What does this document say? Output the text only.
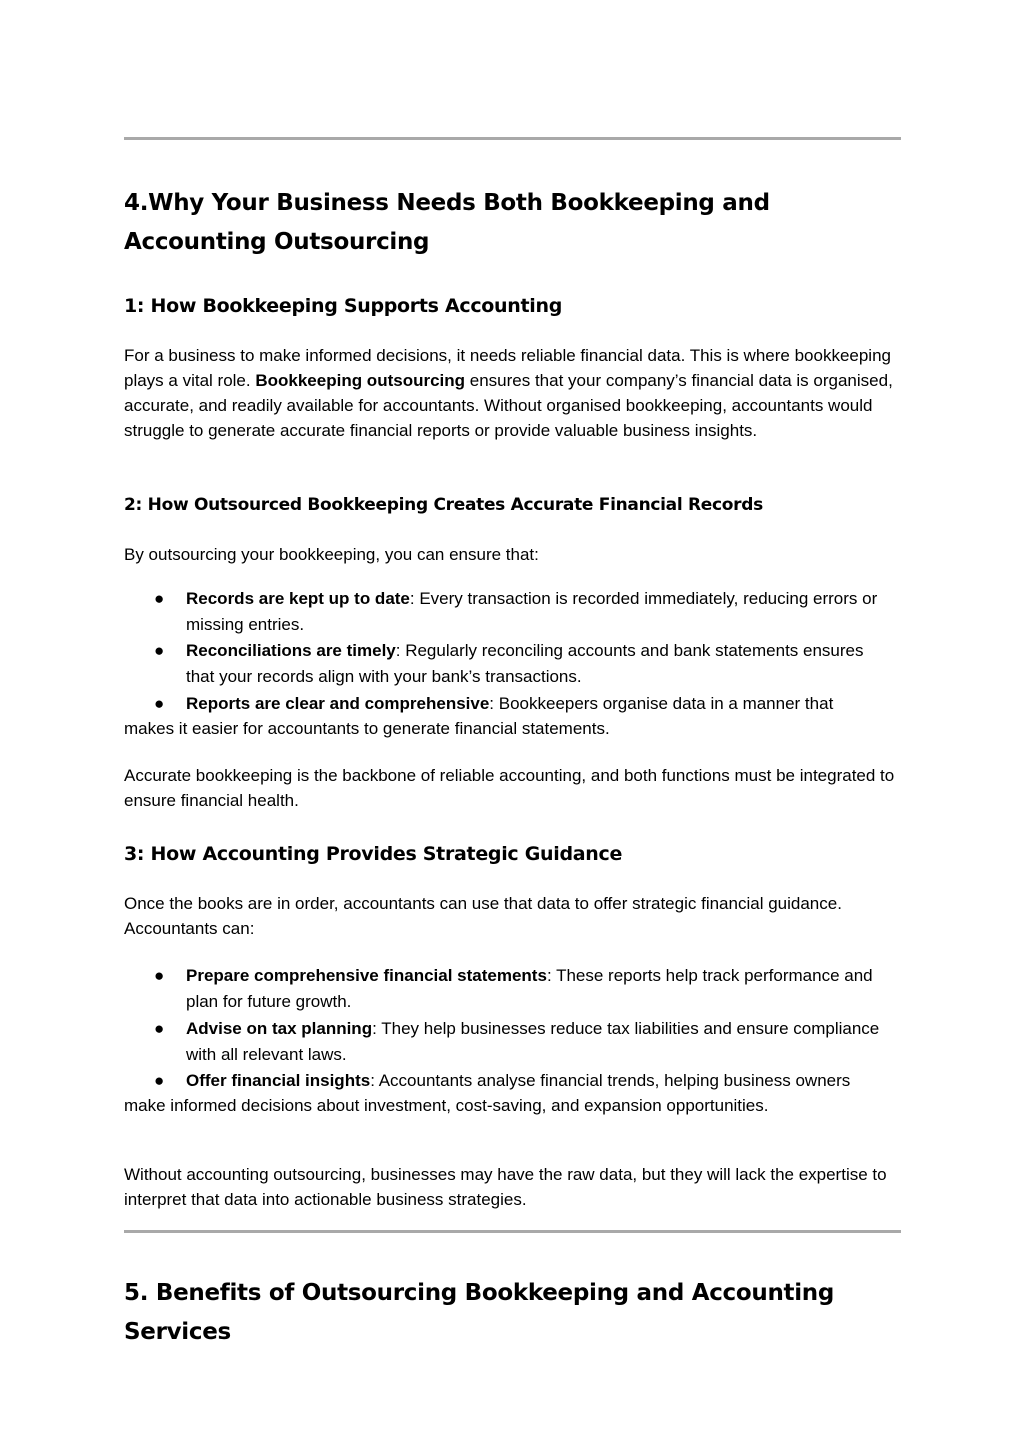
4.Why Your Business Needs Both Bookkeeping and Accounting Outsourcing
1: How Bookkeeping Supports Accounting

For a business to make informed decisions, it needs reliable financial data. This is where bookkeeping plays a vital role. Bookkeeping outsourcing ensures that your company’s financial data is organised, accurate, and readily available for accountants. Without organised bookkeeping, accountants would struggle to generate accurate financial reports or provide valuable business insights.

2: How Outsourced Bookkeeping Creates Accurate Financial Records

By outsourcing your bookkeeping, you can ensure that:

● Records are kept up to date: Every transaction is recorded immediately, reducing errors or missing entries.
● Reconciliations are timely: Regularly reconciling accounts and bank statements ensures that your records align with your bank’s transactions.
● Reports are clear and comprehensive: Bookkeepers organise data in a manner that makes it easier for accountants to generate financial statements.

Accurate bookkeeping is the backbone of reliable accounting, and both functions must be integrated to ensure financial health.

3: How Accounting Provides Strategic Guidance

Once the books are in order, accountants can use that data to offer strategic financial guidance. Accountants can:

● Prepare comprehensive financial statements: These reports help track performance and plan for future growth.
● Advise on tax planning: They help businesses reduce tax liabilities and ensure compliance with all relevant laws.
● Offer financial insights: Accountants analyse financial trends, helping business owners make informed decisions about investment, cost-saving, and expansion opportunities.

Without accounting outsourcing, businesses may have the raw data, but they will lack the expertise to interpret that data into actionable business strategies.

5. Benefits of Outsourcing Bookkeeping and Accounting Services
